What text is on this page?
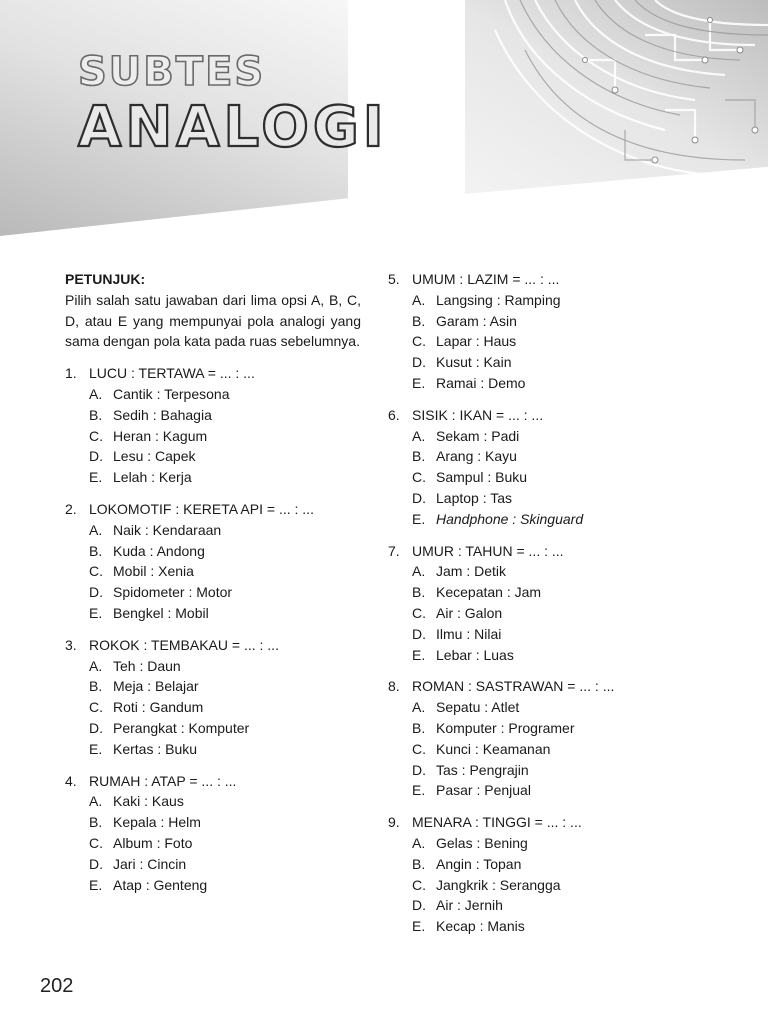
SUBTES
ANALOGI
PETUNJUK:
Pilih salah satu jawaban dari lima opsi A, B, C, D, atau E yang mempunyai pola analogi yang sama dengan pola kata pada ruas sebelumnya.
1. LUCU : TERTAWA = ... : ...
A. Cantik : Terpesona
B. Sedih : Bahagia
C. Heran : Kagum
D. Lesu : Capek
E. Lelah : Kerja
2. LOKOMOTIF : KERETA API = ... : ...
A. Naik : Kendaraan
B. Kuda : Andong
C. Mobil : Xenia
D. Spidometer : Motor
E. Bengkel : Mobil
3. ROKOK : TEMBAKAU = ... : ...
A. Teh : Daun
B. Meja : Belajar
C. Roti : Gandum
D. Perangkat : Komputer
E. Kertas : Buku
4. RUMAH : ATAP = ... : ...
A. Kaki : Kaus
B. Kepala : Helm
C. Album : Foto
D. Jari : Cincin
E. Atap : Genteng
5. UMUM : LAZIM = ... : ...
A. Langsing : Ramping
B. Garam : Asin
C. Lapar : Haus
D. Kusut : Kain
E. Ramai : Demo
6. SISIK : IKAN = ... : ...
A. Sekam : Padi
B. Arang : Kayu
C. Sampul : Buku
D. Laptop : Tas
E. Handphone : Skinguard
7. UMUR : TAHUN = ... : ...
A. Jam : Detik
B. Kecepatan : Jam
C. Air : Galon
D. Ilmu : Nilai
E. Lebar : Luas
8. ROMAN : SASTRAWAN = ... : ...
A. Sepatu : Atlet
B. Komputer : Programer
C. Kunci : Keamanan
D. Tas : Pengrajin
E. Pasar : Penjual
9. MENARA : TINGGI = ... : ...
A. Gelas : Bening
B. Angin : Topan
C. Jangkrik : Serangga
D. Air : Jernih
E. Kecap : Manis
202
